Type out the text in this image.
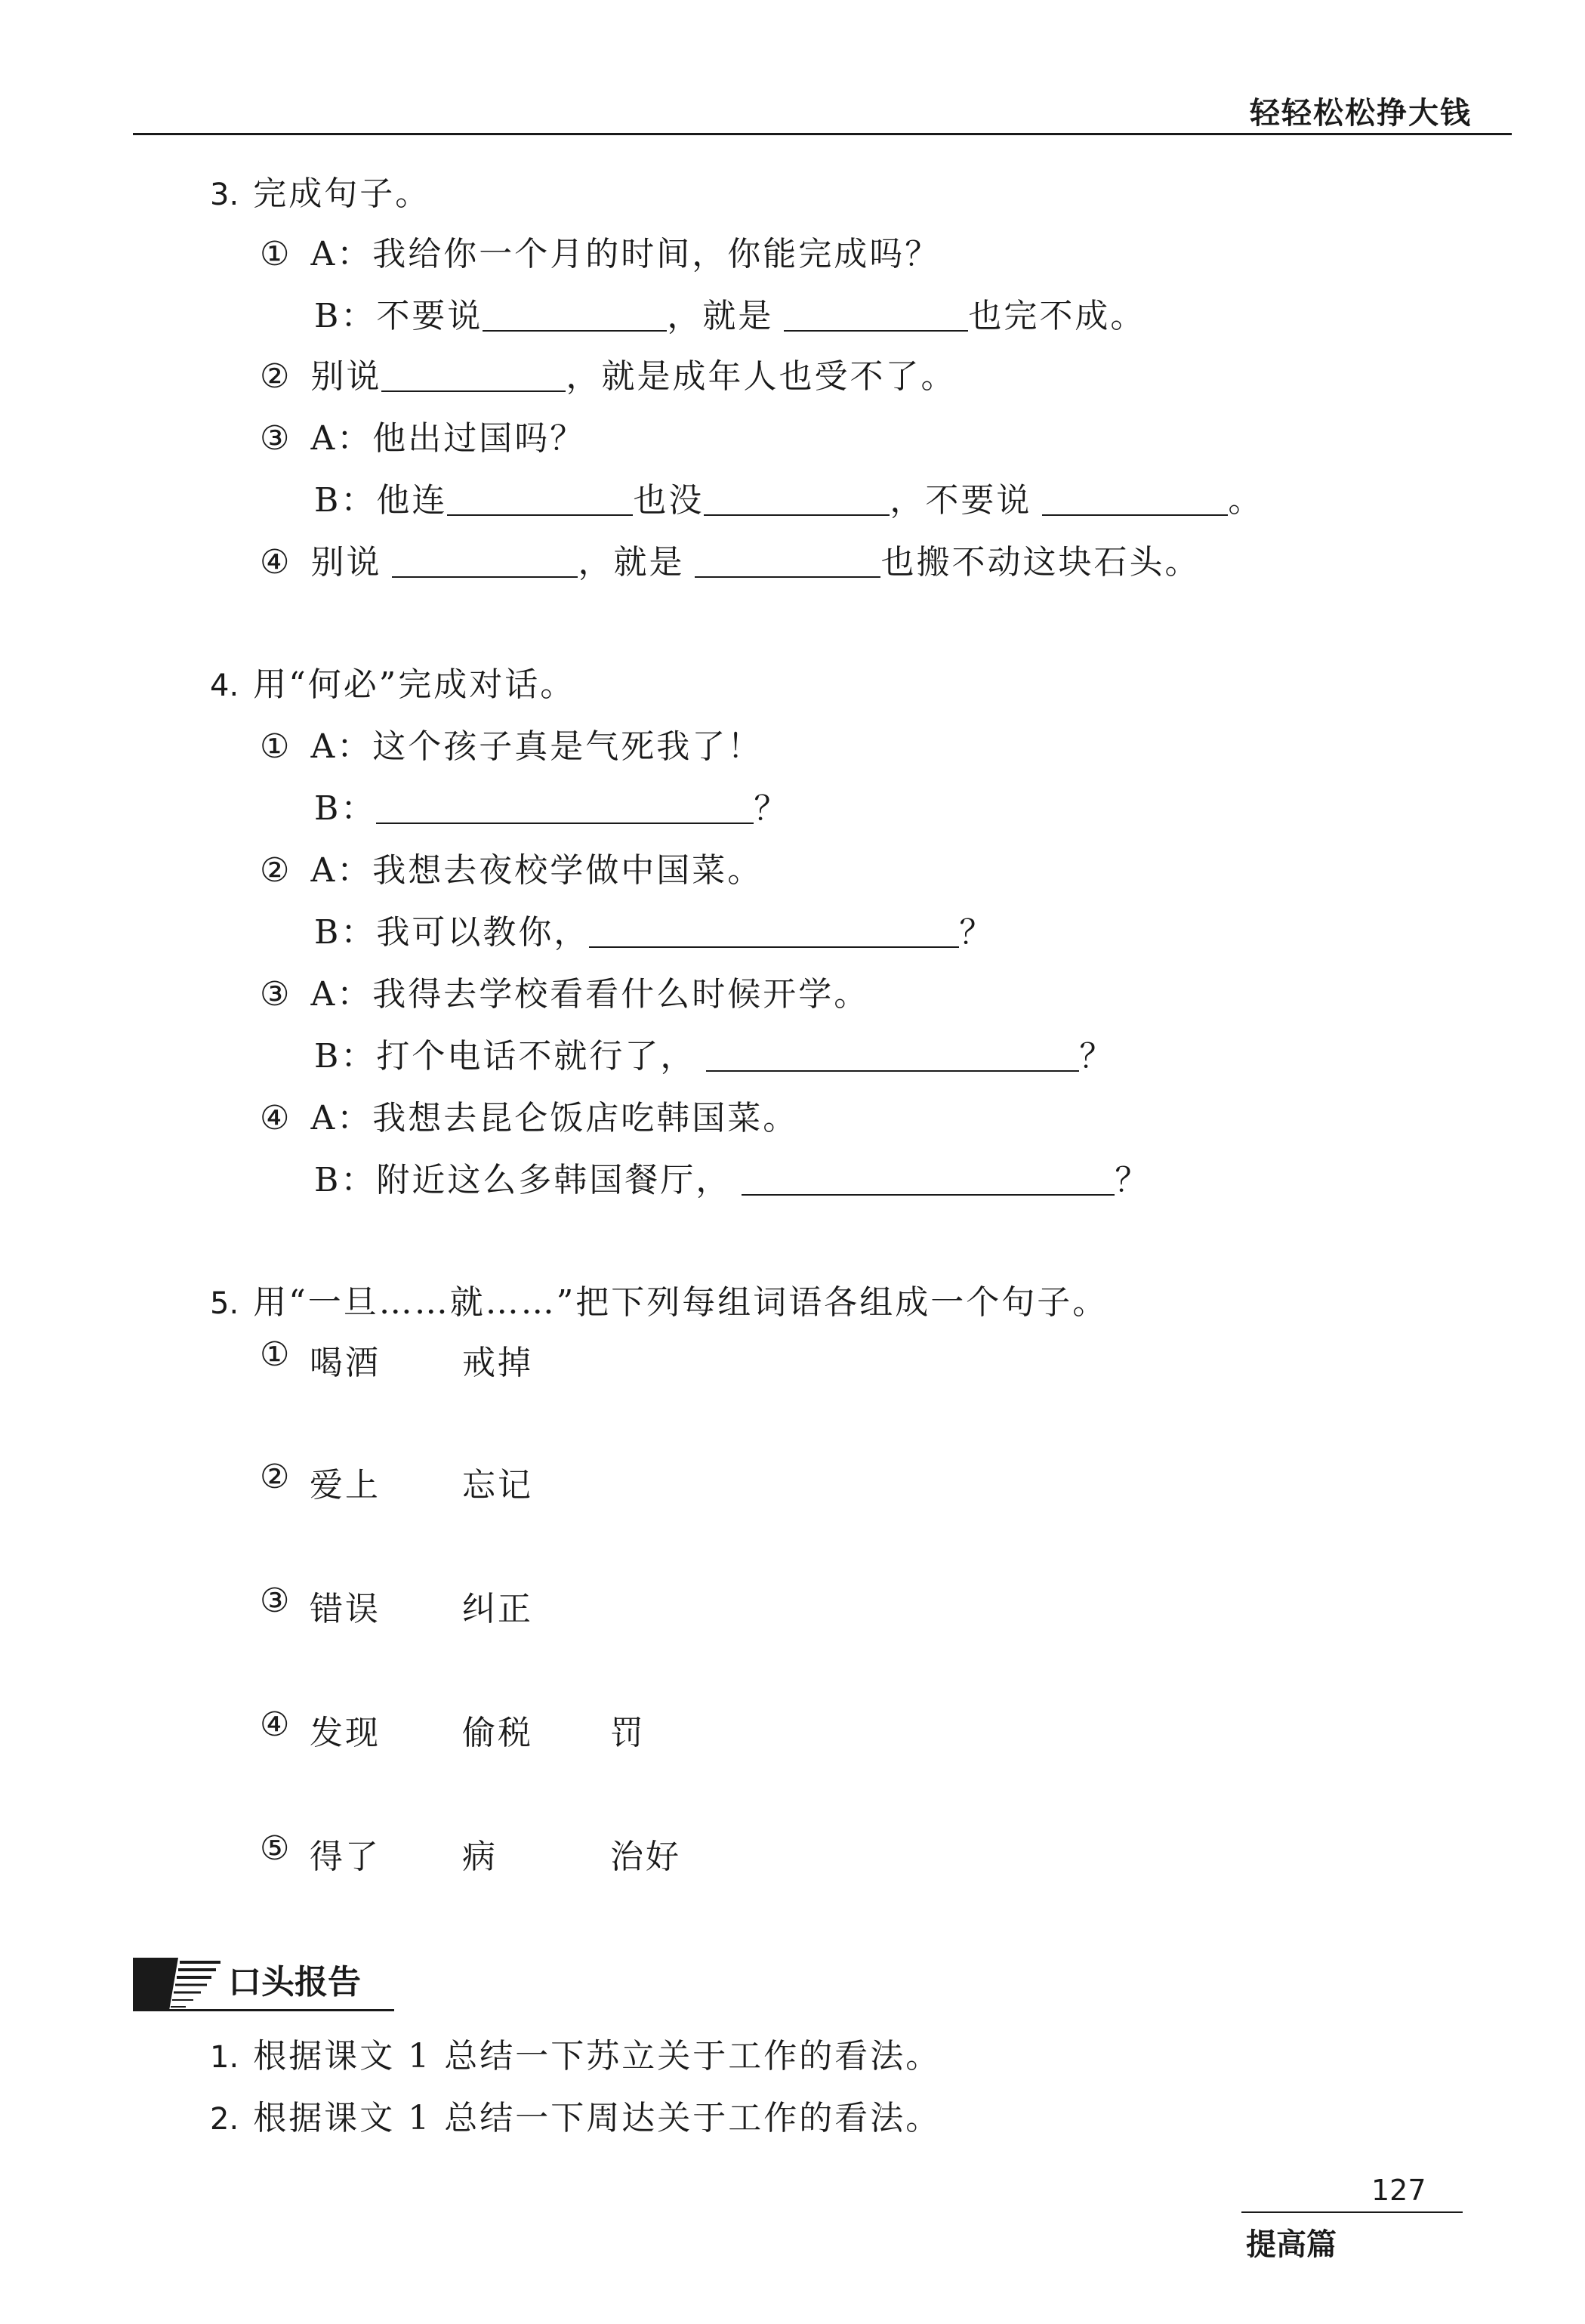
轻轻松松挣大钱
3. 完成句子。
① A：我给你一个月的时间，你能完成吗？
B：不要说	，就是	也完不成。
② 别说	，就是成年人也受不了。
③ A：他出过国吗？
B：他连	也没	，不要说	。
④ 别说	，就是	也搬不动这块石头。
4. 用“何必”完成对话。
① A：这个孩子真是气死我了！
B：	？
② A：我想去夜校学做中国菜。
B：我可以教你，	？
③ A：我得去学校看看什么时候开学。
B：打个电话不就行了，	？
④ A：我想去昆仑饭店吃韩国菜。
B：附近这么多韩国餐厅，	？
5. 用“一旦……就……”把下列每组词语各组成一个句子。
① 喝酒 戒掉
② 爱上 忘记
③ 错误 纠正
④ 发现 偷税 罚
⑤ 得了 病	治好
口头报告
1. 根据课文 1 总结一下苏立关于工作的看法。
2. 根据课文 1 总结一下周达关于工作的看法。
127
提高篇
